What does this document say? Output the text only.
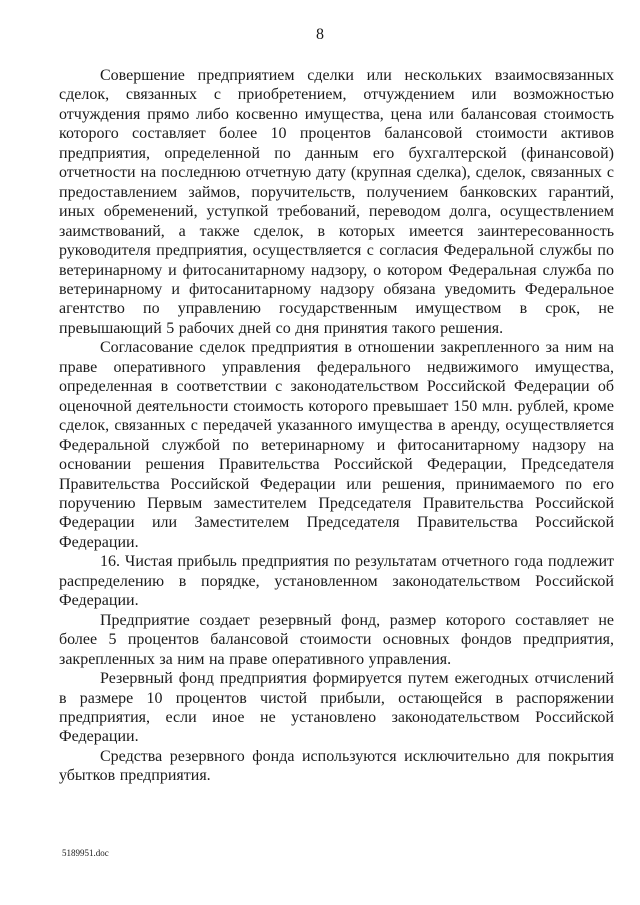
8

Совершение предприятием сделки или нескольких взаимосвязанных сделок, связанных с приобретением, отчуждением или возможностью отчуждения прямо либо косвенно имущества, цена или балансовая стоимость которого составляет более 10 процентов балансовой стоимости активов предприятия, определенной по данным его бухгалтерской (финансовой) отчетности на последнюю отчетную дату (крупная сделка), сделок, связанных с предоставлением займов, поручительств, получением банковских гарантий, иных обременений, уступкой требований, переводом долга, осуществлением заимствований, а также сделок, в которых имеется заинтересованность руководителя предприятия, осуществляется с согласия Федеральной службы по ветеринарному и фитосанитарному надзору, о котором Федеральная служба по ветеринарному и фитосанитарному надзору обязана уведомить Федеральное агентство по управлению государственным имуществом в срок, не превышающий 5 рабочих дней со дня принятия такого решения.

Согласование сделок предприятия в отношении закрепленного за ним на праве оперативного управления федерального недвижимого имущества, определенная в соответствии с законодательством Российской Федерации об оценочной деятельности стоимость которого превышает 150 млн. рублей, кроме сделок, связанных с передачей указанного имущества в аренду, осуществляется Федеральной службой по ветеринарному и фитосанитарному надзору на основании решения Правительства Российской Федерации, Председателя Правительства Российской Федерации или решения, принимаемого по его поручению Первым заместителем Председателя Правительства Российской Федерации или Заместителем Председателя Правительства Российской Федерации.

16. Чистая прибыль предприятия по результатам отчетного года подлежит распределению в порядке, установленном законодательством Российской Федерации.

Предприятие создает резервный фонд, размер которого составляет не более 5 процентов балансовой стоимости основных фондов предприятия, закрепленных за ним на праве оперативного управления.

Резервный фонд предприятия формируется путем ежегодных отчислений в размере 10 процентов чистой прибыли, остающейся в распоряжении предприятия, если иное не установлено законодательством Российской Федерации.

Средства резервного фонда используются исключительно для покрытия убытков предприятия.

5189951.doc
